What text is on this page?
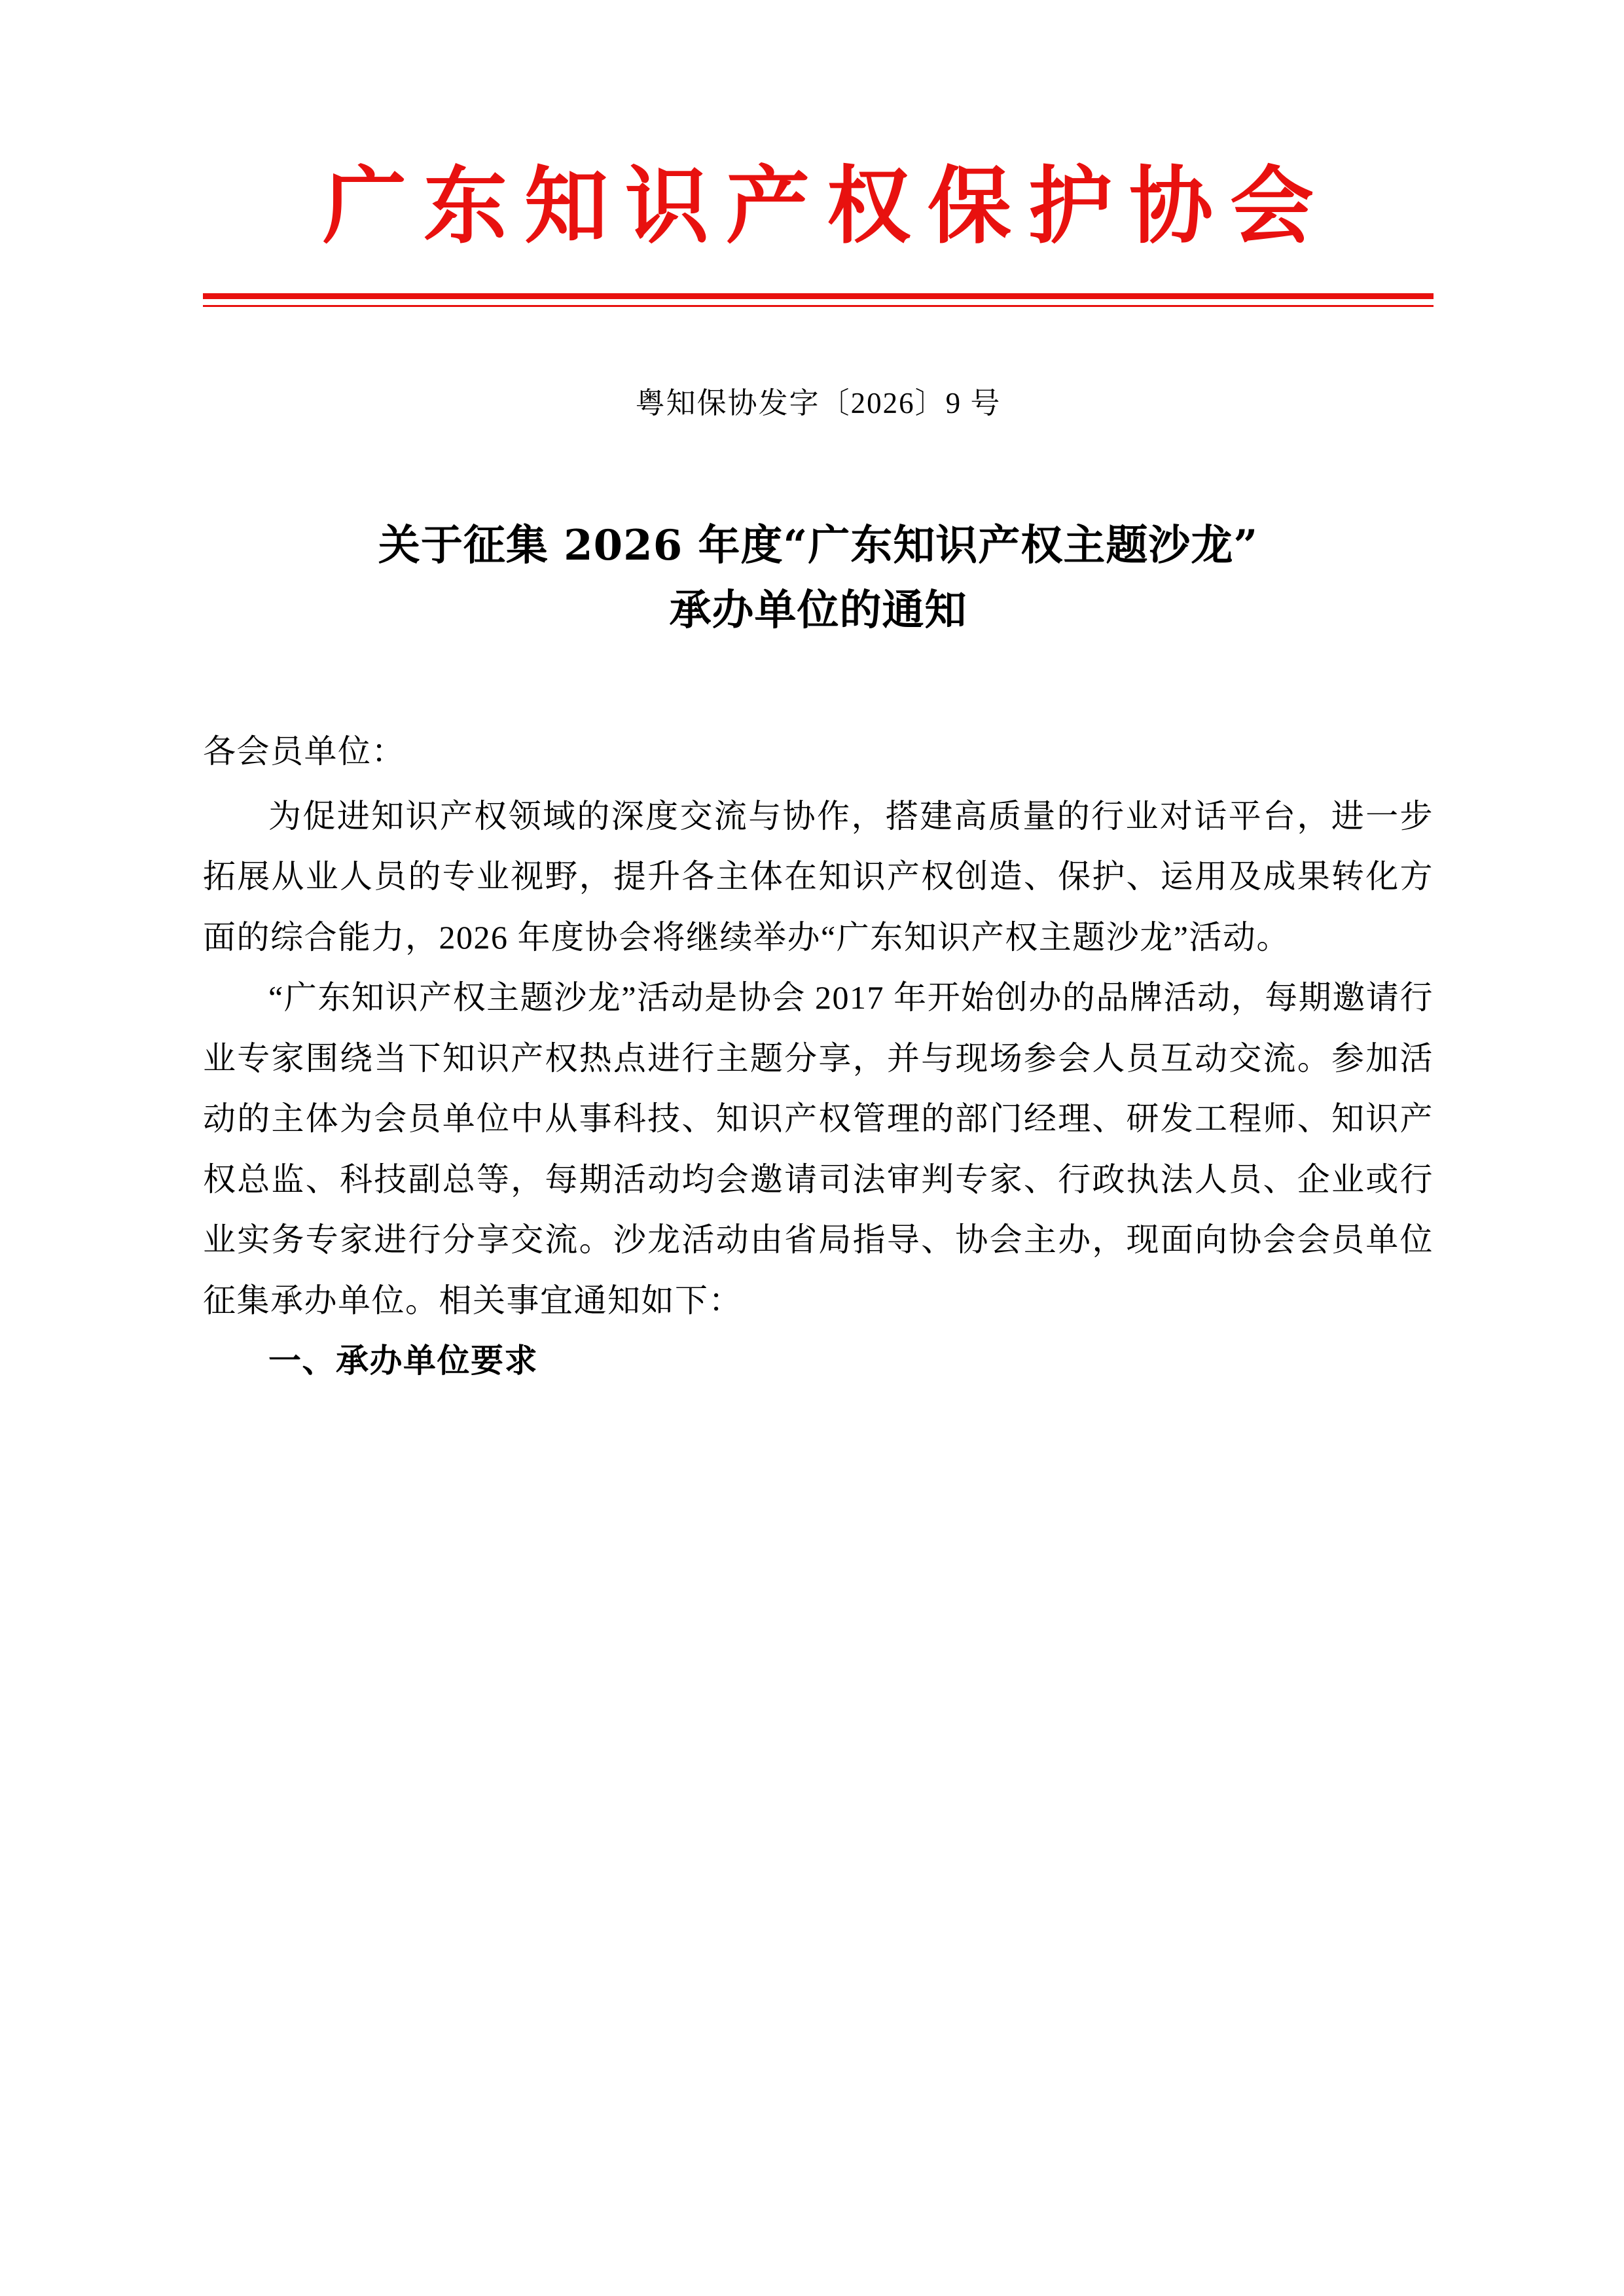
广东知识产权保护协会
粤知保协发字〔2026〕9 号
关于征集 2026 年度“广东知识产权主题沙龙”
承办单位的通知

各会员单位：

为促进知识产权领域的深度交流与协作，搭建高质量的行业对话平台，进一步拓展从业人员的专业视野，提升各主体在知识产权创造、保护、运用及成果转化方面的综合能力，2026 年度协会将继续举办“广东知识产权主题沙龙”活动。

“广东知识产权主题沙龙”活动是协会 2017 年开始创办的品牌活动，每期邀请行业专家围绕当下知识产权热点进行主题分享，并与现场参会人员互动交流。参加活动的主体为会员单位中从事科技、知识产权管理的部门经理、研发工程师、知识产权总监、科技副总等，每期活动均会邀请司法审判专家、行政执法人员、企业或行业实务专家进行分享交流。沙龙活动由省局指导、协会主办，现面向协会会员单位征集承办单位。相关事宜通知如下：

一、承办单位要求
